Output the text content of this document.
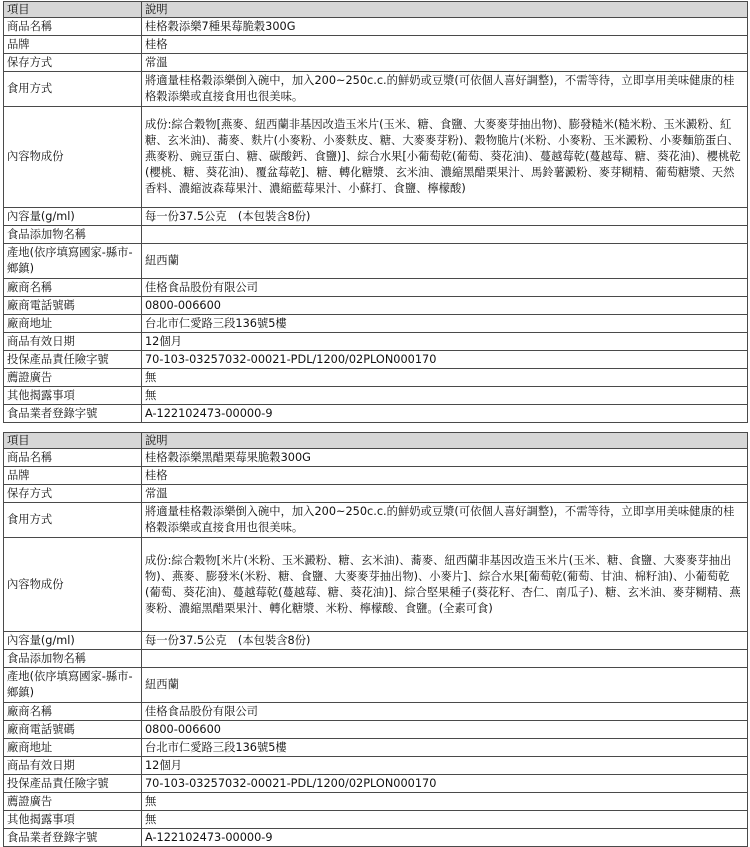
項目	說明
商品名稱	桂格穀添樂7種果莓脆穀300G
品牌	桂格
保存方式	常溫
食用方式	將適量桂格穀添樂倒入碗中，加入200~250c.c.的鮮奶或豆漿(可依個人喜好調整)，不需等待，立即享用美味健康的桂格穀添樂或直接食用也很美味。
內容物成份	成份:綜合穀物[燕麥、紐西蘭非基因改造玉米片(玉米、糖、食鹽、大麥麥芽抽出物)、膨發糙米(糙米粉、玉米澱粉、紅糖、玄米油)、蕎麥、麩片(小麥粉、小麥麩皮、糖、大麥麥芽粉)、穀物脆片(米粉、小麥粉、玉米澱粉、小麥麵筋蛋白、燕麥粉、豌豆蛋白、糖、碳酸鈣、食鹽)]、綜合水果[小葡萄乾(葡萄、葵花油)、蔓越莓乾(蔓越莓、糖、葵花油)、櫻桃乾(櫻桃、糖、葵花油)、覆盆莓乾]、糖、轉化糖漿、玄米油、濃縮黑醋栗果汁、馬鈴薯澱粉、麥芽糊精、葡萄糖漿、天然香料、濃縮波森莓果汁、濃縮藍莓果汁、小蘇打、食鹽、檸檬酸)
內容量(g/ml)	每一份37.5公克　(本包裝含8份)
食品添加物名稱	
產地(依序填寫國家-縣市-鄉鎮)	紐西蘭
廠商名稱	佳格食品股份有限公司
廠商電話號碼	0800-006600
廠商地址	台北市仁愛路三段136號5樓
商品有效日期	12個月
投保產品責任險字號	70-103-03257032-00021-PDL/1200/02PLON000170
薦證廣告	無
其他揭露事項	無
食品業者登錄字號	A-122102473-00000-9
項目	說明
商品名稱	桂格穀添樂黑醋栗莓果脆穀300G
品牌	桂格
保存方式	常溫
食用方式	將適量桂格穀添樂倒入碗中，加入200~250c.c.的鮮奶或豆漿(可依個人喜好調整)，不需等待，立即享用美味健康的桂格穀添樂或直接食用也很美味。
內容物成份	成份:綜合穀物[米片(米粉、玉米澱粉、糖、玄米油)、蕎麥、紐西蘭非基因改造玉米片(玉米、糖、食鹽、大麥麥芽抽出物)、燕麥、膨發米(米粉、糖、食鹽、大麥麥芽抽出物)、小麥片]、綜合水果[葡萄乾(葡萄、甘油、棉籽油)、小葡萄乾(葡萄、葵花油)、蔓越莓乾(蔓越莓、糖、葵花油)]、綜合堅果種子(葵花籽、杏仁、南瓜子)、糖、玄米油、麥芽糊精、燕麥粉、濃縮黑醋栗果汁、轉化糖漿、米粉、檸檬酸、食鹽。(全素可食)
內容量(g/ml)	每一份37.5公克　(本包裝含8份)
食品添加物名稱	
產地(依序填寫國家-縣市-鄉鎮)	紐西蘭
廠商名稱	佳格食品股份有限公司
廠商電話號碼	0800-006600
廠商地址	台北市仁愛路三段136號5樓
商品有效日期	12個月
投保產品責任險字號	70-103-03257032-00021-PDL/1200/02PLON000170
薦證廣告	無
其他揭露事項	無
食品業者登錄字號	A-122102473-00000-9
